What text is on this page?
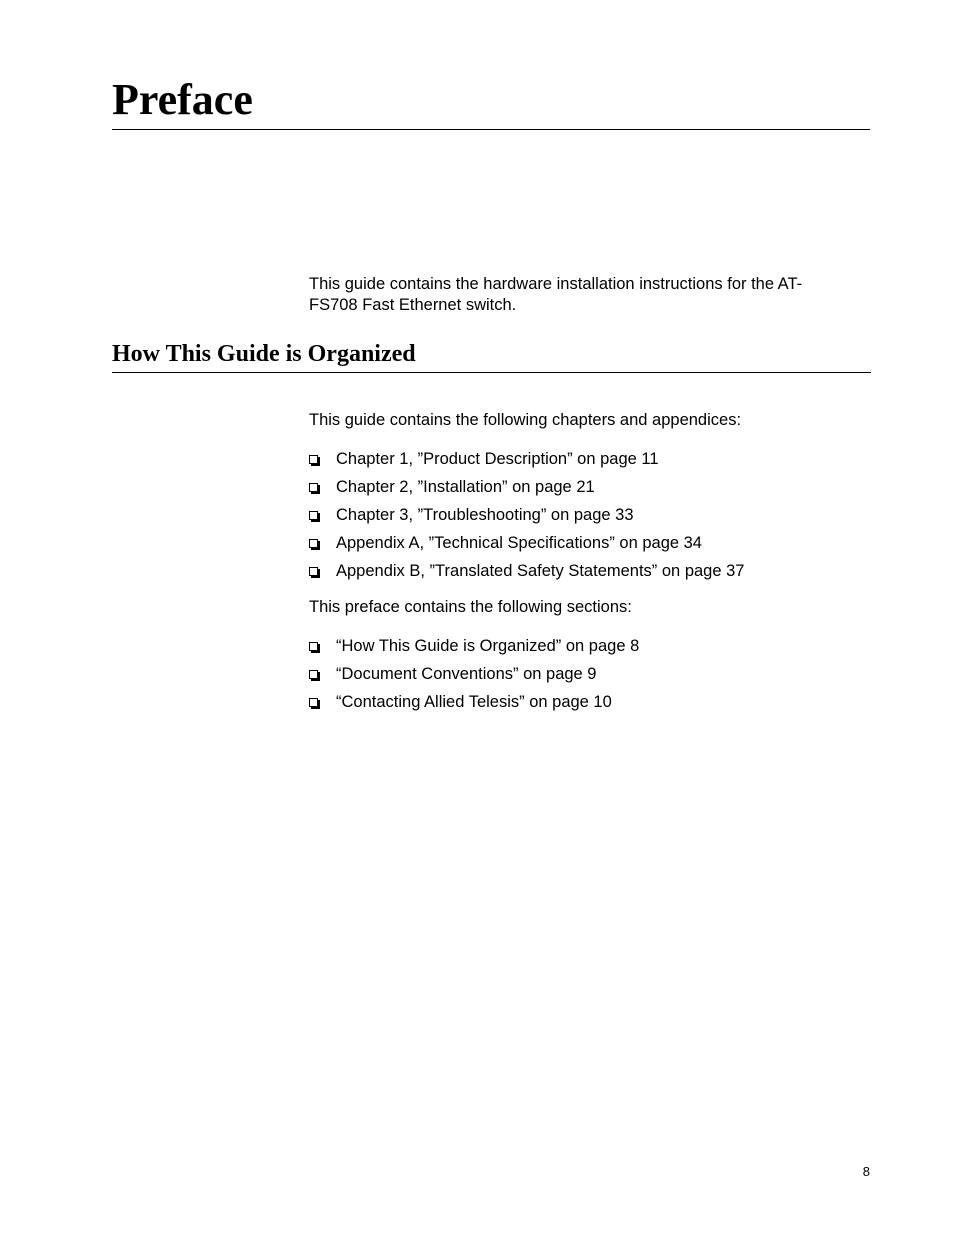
Preface

This guide contains the hardware installation instructions for the AT-FS708 Fast Ethernet switch.

How This Guide is Organized

This guide contains the following chapters and appendices:

Chapter 1, ”Product Description” on page 11
Chapter 2, ”Installation” on page 21
Chapter 3, ”Troubleshooting” on page 33
Appendix A, ”Technical Specifications” on page 34
Appendix B, ”Translated Safety Statements” on page 37

This preface contains the following sections:

“How This Guide is Organized” on page 8
“Document Conventions” on page 9
“Contacting Allied Telesis” on page 10

8
